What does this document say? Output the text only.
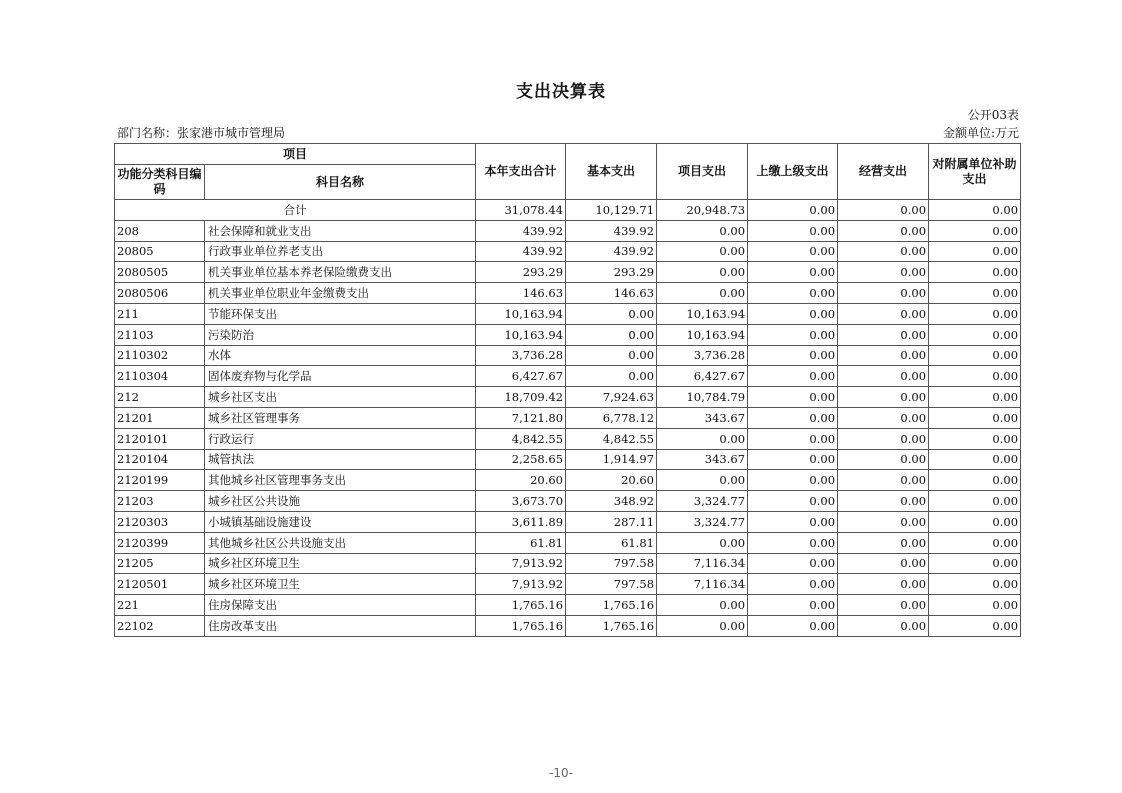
支出决算表
公开03表
部门名称：张家港市城市管理局	金额单位:万元
项目		本年支出合计	基本支出	项目支出	上缴上级支出	经营支出	对附属单位补助支出
功能分类科目编码	科目名称						
合计		31,078.44	10,129.71	20,948.73	0.00	0.00	0.00
208	社会保障和就业支出	439.92	439.92	0.00	0.00	0.00	0.00
20805	行政事业单位养老支出	439.92	439.92	0.00	0.00	0.00	0.00
2080505	机关事业单位基本养老保险缴费支出	293.29	293.29	0.00	0.00	0.00	0.00
2080506	机关事业单位职业年金缴费支出	146.63	146.63	0.00	0.00	0.00	0.00
211	节能环保支出	10,163.94	0.00	10,163.94	0.00	0.00	0.00
21103	污染防治	10,163.94	0.00	10,163.94	0.00	0.00	0.00
2110302	水体	3,736.28	0.00	3,736.28	0.00	0.00	0.00
2110304	固体废弃物与化学品	6,427.67	0.00	6,427.67	0.00	0.00	0.00
212	城乡社区支出	18,709.42	7,924.63	10,784.79	0.00	0.00	0.00
21201	城乡社区管理事务	7,121.80	6,778.12	343.67	0.00	0.00	0.00
2120101	行政运行	4,842.55	4,842.55	0.00	0.00	0.00	0.00
2120104	城管执法	2,258.65	1,914.97	343.67	0.00	0.00	0.00
2120199	其他城乡社区管理事务支出	20.60	20.60	0.00	0.00	0.00	0.00
21203	城乡社区公共设施	3,673.70	348.92	3,324.77	0.00	0.00	0.00
2120303	小城镇基础设施建设	3,611.89	287.11	3,324.77	0.00	0.00	0.00
2120399	其他城乡社区公共设施支出	61.81	61.81	0.00	0.00	0.00	0.00
21205	城乡社区环境卫生	7,913.92	797.58	7,116.34	0.00	0.00	0.00
2120501	城乡社区环境卫生	7,913.92	797.58	7,116.34	0.00	0.00	0.00
221	住房保障支出	1,765.16	1,765.16	0.00	0.00	0.00	0.00
22102	住房改革支出	1,765.16	1,765.16	0.00	0.00	0.00	0.00
-10-
